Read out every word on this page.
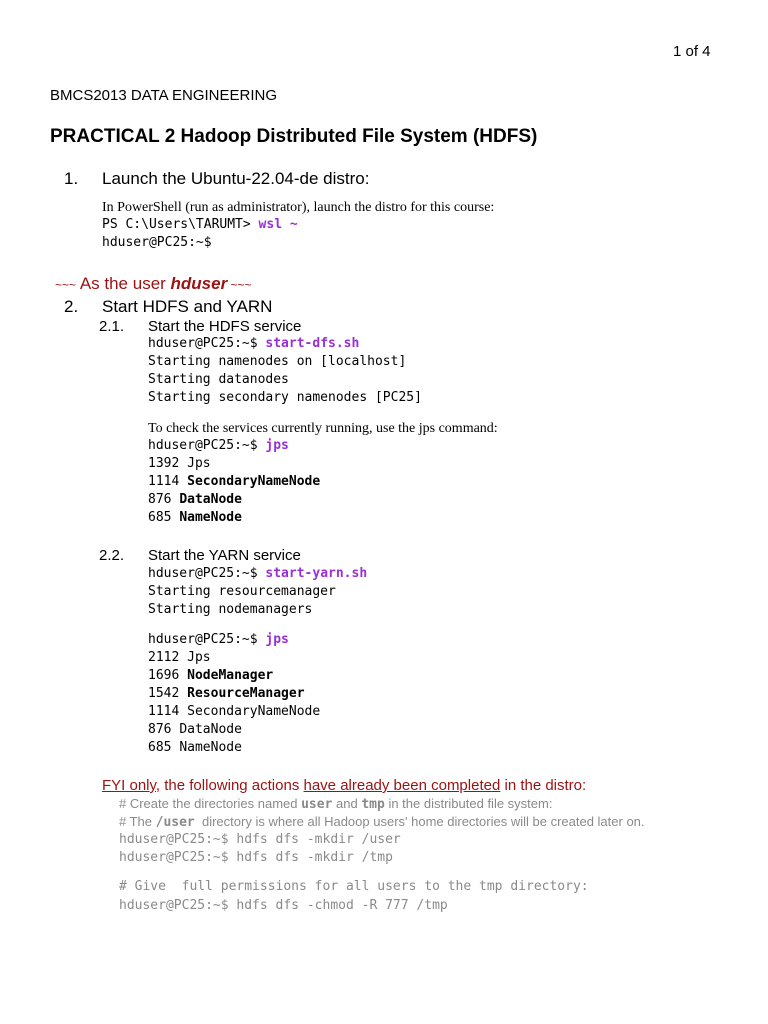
1 of 4
BMCS2013 DATA ENGINEERING
PRACTICAL 2 Hadoop Distributed File System (HDFS)
1. Launch the Ubuntu-22.04-de distro:
In PowerShell (run as administrator), launch the distro for this course:
PS C:\Users\TARUMT> wsl ~
hduser@PC25:~$
~~~ As the user hduser ~~~
2. Start HDFS and YARN
2.1. Start the HDFS service
hduser@PC25:~$ start-dfs.sh
Starting namenodes on [localhost]
Starting datanodes
Starting secondary namenodes [PC25]
To check the services currently running, use the jps command:
hduser@PC25:~$ jps
1392 Jps
1114 SecondaryNameNode
876 DataNode
685 NameNode
2.2. Start the YARN service
hduser@PC25:~$ start-yarn.sh
Starting resourcemanager
Starting nodemanagers
hduser@PC25:~$ jps
2112 Jps
1696 NodeManager
1542 ResourceManager
1114 SecondaryNameNode
876 DataNode
685 NameNode
FYI only, the following actions have already been completed in the distro:
# Create the directories named user and tmp in the distributed file system:
# The /user  directory is where all Hadoop users' home directories will be created later on.
hduser@PC25:~$ hdfs dfs -mkdir /user
hduser@PC25:~$ hdfs dfs -mkdir /tmp
# Give  full permissions for all users to the tmp directory:
hduser@PC25:~$ hdfs dfs -chmod -R 777 /tmp
